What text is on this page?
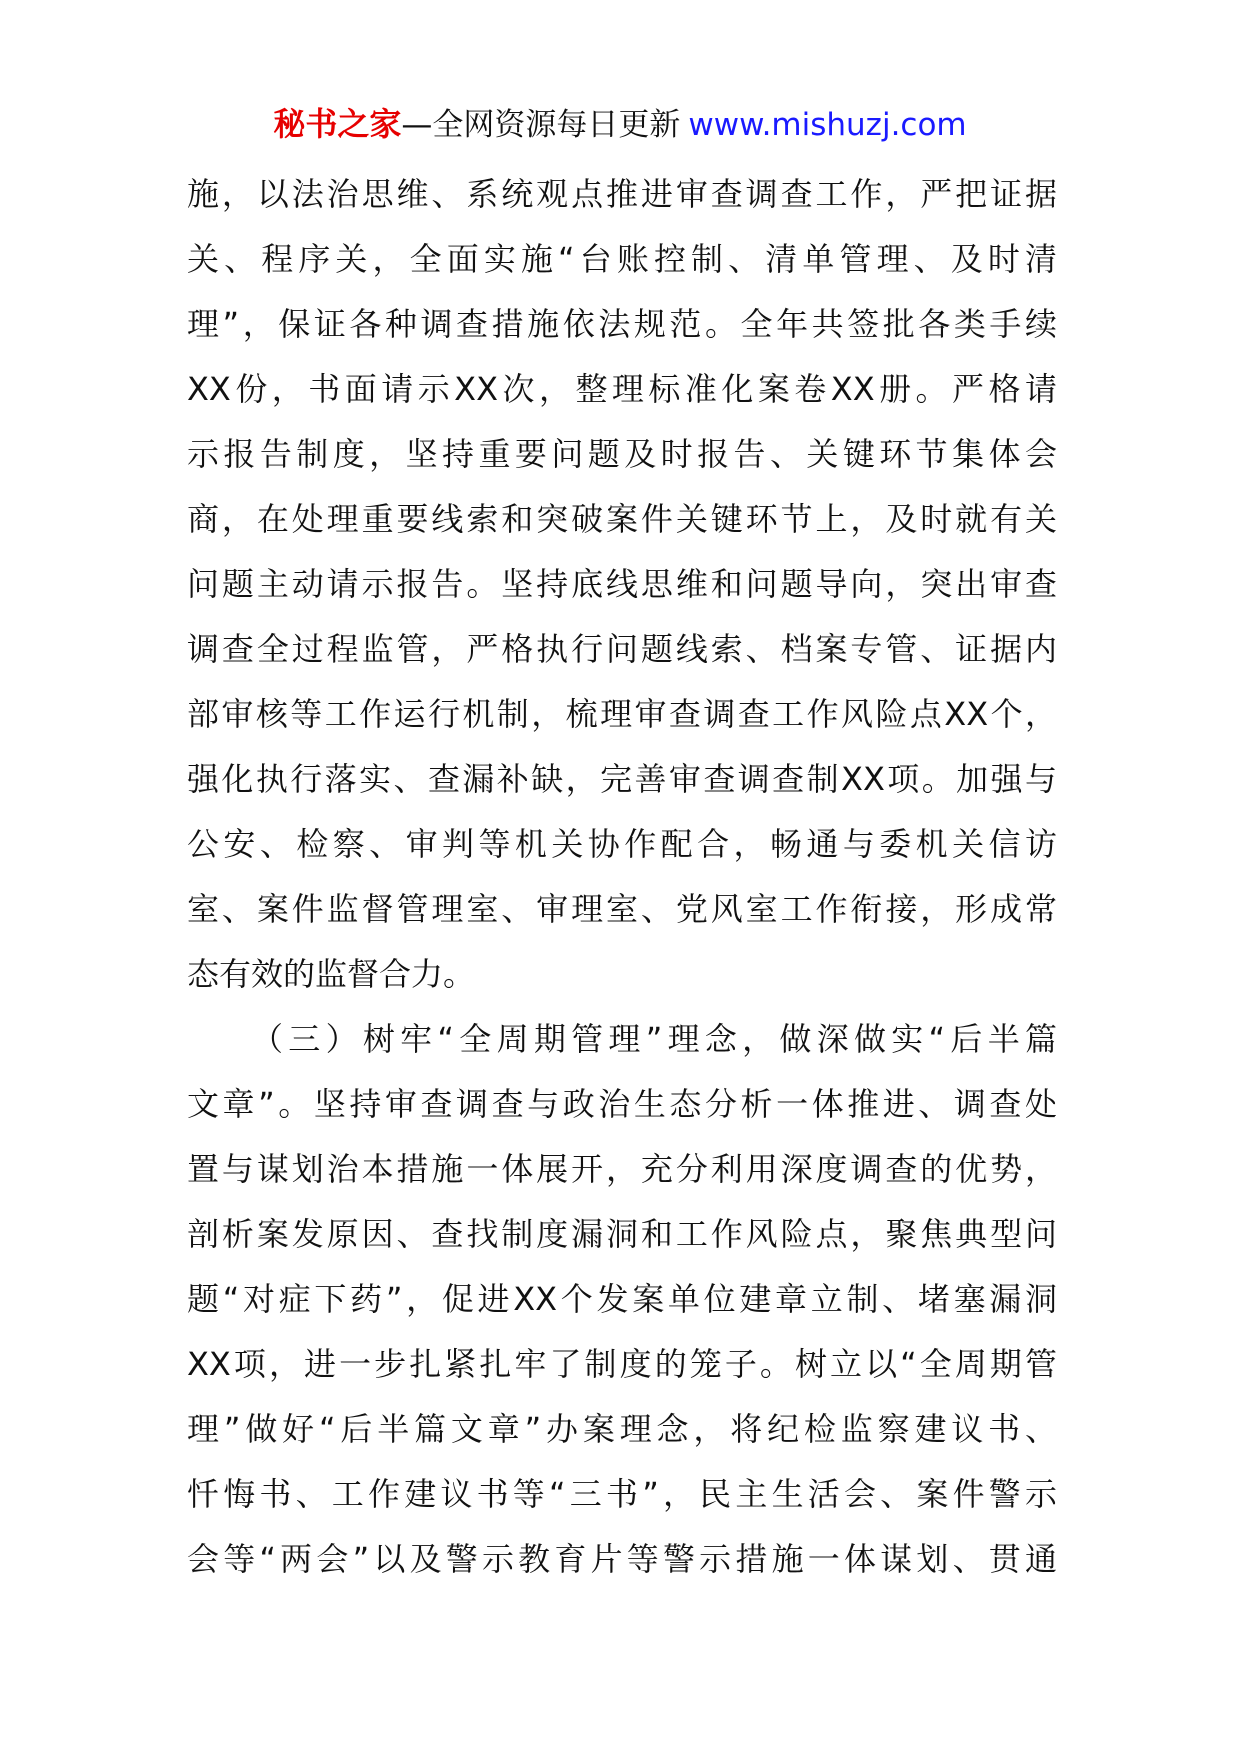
秘书之家—全网资源每日更新 www.mishuzj.com
施，以法治思维、系统观点推进审查调查工作，严把证据
关、程序关，全面实施“台账控制、清单管理、及时清
理”，保证各种调查措施依法规范。全年共签批各类手续
XX份，书面请示XX次，整理标准化案卷XX册。严格请
示报告制度，坚持重要问题及时报告、关键环节集体会
商，在处理重要线索和突破案件关键环节上，及时就有关
问题主动请示报告。坚持底线思维和问题导向，突出审查
调查全过程监管，严格执行问题线索、档案专管、证据内
部审核等工作运行机制，梳理审查调查工作风险点XX个，
强化执行落实、查漏补缺，完善审查调查制XX项。加强与
公安、检察、审判等机关协作配合，畅通与委机关信访
室、案件监督管理室、审理室、党风室工作衔接，形成常
态有效的监督合力。
（三）树牢“全周期管理”理念，做深做实“后半篇
文章”。坚持审查调查与政治生态分析一体推进、调查处
置与谋划治本措施一体展开，充分利用深度调查的优势，
剖析案发原因、查找制度漏洞和工作风险点，聚焦典型问
题“对症下药”，促进XX个发案单位建章立制、堵塞漏洞
XX项，进一步扎紧扎牢了制度的笼子。树立以“全周期管
理”做好“后半篇文章”办案理念，将纪检监察建议书、
忏悔书、工作建议书等“三书”，民主生活会、案件警示
会等“两会”以及警示教育片等警示措施一体谋划、贯通
